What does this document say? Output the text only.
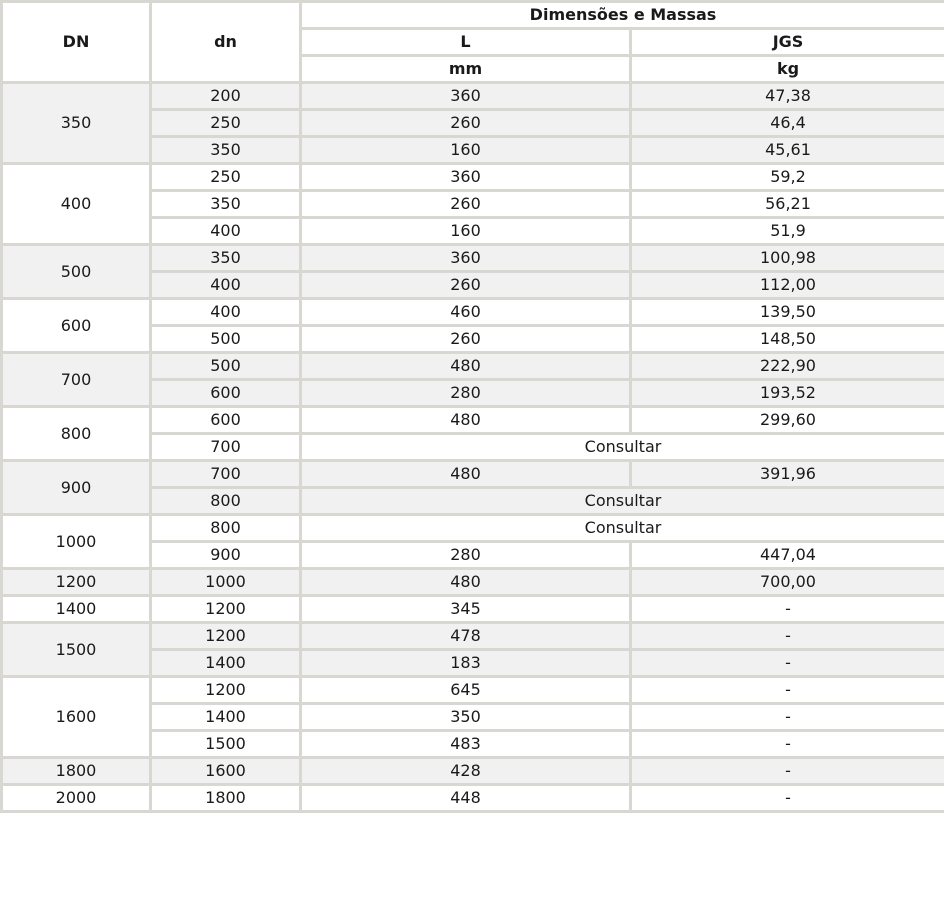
DN	dn	Dimensões e Massas	
		L	JGS
		mm	kg
350	200	360	47,38
	250	260	46,4
	350	160	45,61
400	250	360	59,2
	350	260	56,21
	400	160	51,9
500	350	360	100,98
	400	260	112,00
600	400	460	139,50
	500	260	148,50
700	500	480	222,90
	600	280	193,52
800	600	480	299,60
	700	Consultar	
900	700	480	391,96
	800	Consultar	
1000	800	Consultar	
	900	280	447,04
1200	1000	480	700,00
1400	1200	345	-
1500	1200	478	-
	1400	183	-
1600	1200	645	-
	1400	350	-
	1500	483	-
1800	1600	428	-
2000	1800	448	-
